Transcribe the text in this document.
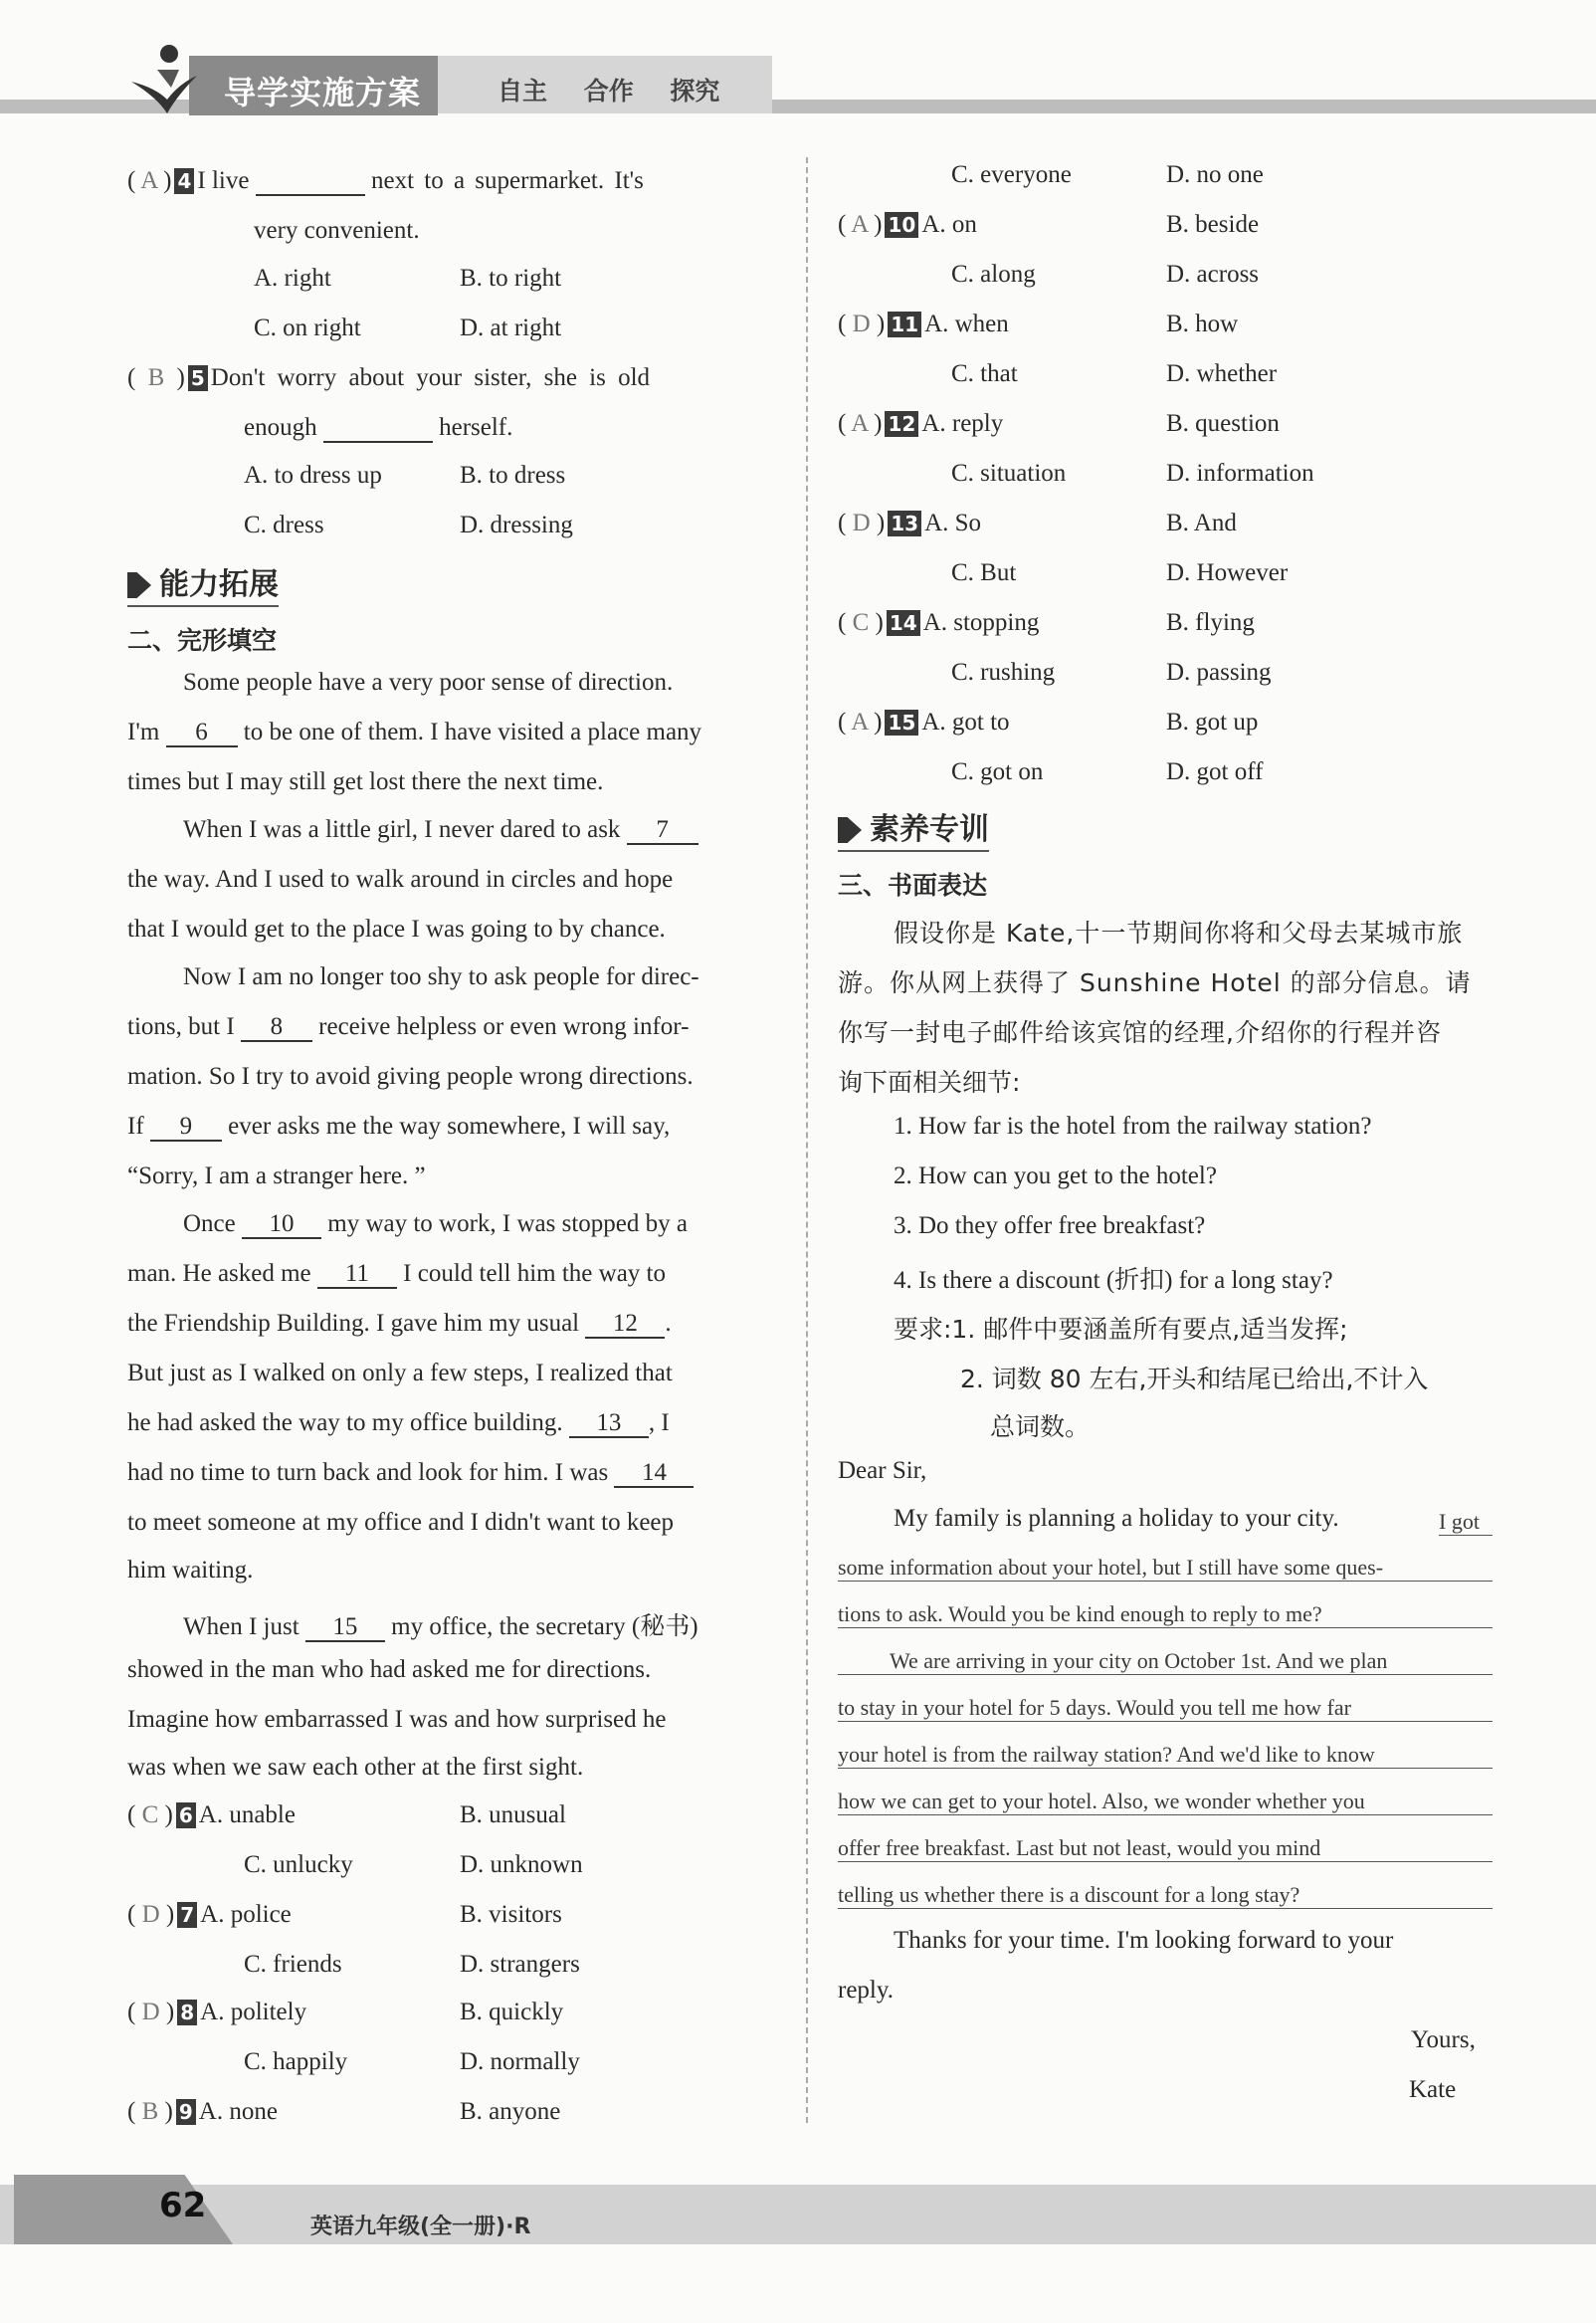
导学实施方案	自主 合作 探究
( A ) 4 I live	next to a supermarket. It's
very convenient.
A. right	B. to right
C. on right	D. at right
( B ) 5 Don't worry about your sister, she is old
enough	herself.
A. to dress up	B. to dress
C. dress	D. dressing
能力拓展
二、完形填空
Some people have a very poor sense of direction.
I'm 6 to be one of them. I have visited a place many
times but I may still get lost there the next time.
When I was a little girl, I never dared to ask 7
the way. And I used to walk around in circles and hope
that I would get to the place I was going to by chance.
Now I am no longer too shy to ask people for direc-
tions, but I 8 receive helpless or even wrong infor-
mation. So I try to avoid giving people wrong directions.
If 9 ever asks me the way somewhere, I will say,
“Sorry, I am a stranger here. ”
Once 10 my way to work, I was stopped by a
man. He asked me 11 I could tell him the way to
the Friendship Building. I gave him my usual 12 .
But just as I walked on only a few steps, I realized that
he had asked the way to my office building. 13 , I
had no time to turn back and look for him. I was 14
to meet someone at my office and I didn't want to keep
him waiting.
When I just 15 my office, the secretary (秘书)
showed in the man who had asked me for directions.
Imagine how embarrassed I was and how surprised he
was when we saw each other at the first sight.
( C ) 6 A. unable	B. unusual
C. unlucky	D. unknown
( D ) 7 A. police	B. visitors
C. friends	D. strangers
( D ) 8 A. politely	B. quickly
C. happily	D. normally
( B ) 9 A. none	B. anyone
C. everyone	D. no one
( A ) 10 A. on	B. beside
C. along	D. across
( D ) 11 A. when	B. how
C. that	D. whether
( A ) 12 A. reply	B. question
C. situation	D. information
( D ) 13 A. So	B. And
C. But	D. However
( C ) 14 A. stopping	B. flying
C. rushing	D. passing
( A ) 15 A. got to	B. got up
C. got on	D. got off
素养专训
三、书面表达
假设你是 Kate,十一节期间你将和父母去某城市旅
游。你从网上获得了 Sunshine Hotel 的部分信息。请
你写一封电子邮件给该宾馆的经理,介绍你的行程并咨
询下面相关细节:
1. How far is the hotel from the railway station?
2. How can you get to the hotel?
3. Do they offer free breakfast?
4. Is there a discount (折扣) for a long stay?
要求:1. 邮件中要涵盖所有要点,适当发挥;
2. 词数 80 左右,开头和结尾已给出,不计入
总词数。
Dear Sir,
My family is planning a holiday to your city.	I got
some information about your hotel, but I still have some ques-
tions to ask. Would you be kind enough to reply to me?
We are arriving in your city on October 1st. And we plan
to stay in your hotel for 5 days. Would you tell me how far
your hotel is from the railway station? And we'd like to know
how we can get to your hotel. Also, we wonder whether you
offer free breakfast. Last but not least, would you mind
telling us whether there is a discount for a long stay?
Thanks for your time. I'm looking forward to your
reply.
Yours,
Kate
62
英语九年级(全一册)·R
